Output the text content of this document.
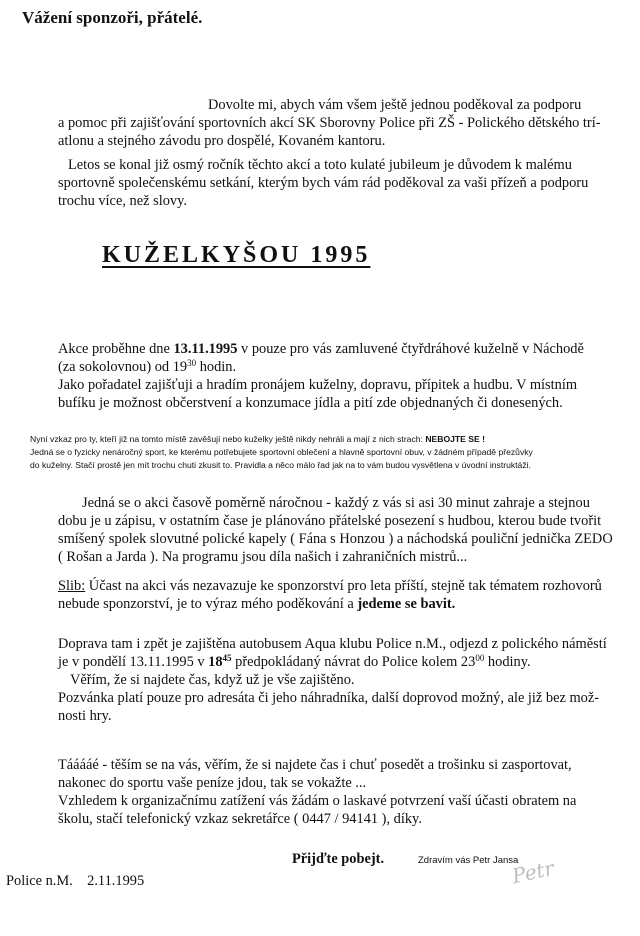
Vážení sponzoři, přátelé.
Dovolte mi, abych vám všem ještě jednou poděkoval za podporu
a pomoc při zajišťování sportovních akcí SK Sborovny Police při ZŠ - Polického dětského trí-
atlonu a stejného závodu pro dospělé, Kovaném kantoru.
Letos se konal již osmý ročník těchto akcí a toto kulaté jubileum je důvodem k malému
sportovně společenskému setkání, kterým bych vám rád poděkoval za vaši přízeň a podporu
trochu více, než slovy.
KUŽELKYŠOU 1995
Akce proběhne dne 13.11.1995 v pouze pro vás zamluvené čtyřdráhové kuželně v Náchodě
(za sokolovnou) od $19^{30}$ hodin.
Jako pořadatel zajišťuji a hradím pronájem kuželny, dopravu, přípitek a hudbu. V místním
bufíku je možnost občerstvení a konzumace jídla a pití zde objednaných či donesených.
Nyní vzkaz pro ty, kteří již na tomto místě zavěšují nebo kuželky ještě nikdy nehráli a mají z nich strach: NEBOJTE SE !
Jedná se o fyzicky nenáročný sport, ke kterému potřebujete sportovní oblečení a hlavně sportovní obuv, v žádném případě přezůvky
do kuželny. Stačí prostě jen mít trochu chuti zkusit to. Pravidla a něco málo řad jak na to vám budou vysvětlena v úvodní instruktáži.
Jedná se o akci časově poměrně náročnou - každý z vás si asi 30 minut zahraje a stejnou
dobu je u zápisu, v ostatním čase je plánováno přátelské posezení s hudbou, kterou bude tvořit
smíšený spolek slovutné polické kapely ( Fána s Honzou ) a náchodská pouliční jednička ZEDO
( Rošan a Jarda ). Na programu jsou díla našich i zahraničních mistrů...
Slib: Účast na akci vás nezavazuje ke sponzorství pro leta příští, stejně tak tématem rozhovorů
nebude sponzorství, je to výraz mého poděkování a jedeme se bavit.
Doprava tam i zpět je zajištěna autobusem Aqua klubu Police n.M., odjezd z polického náměstí
je v pondělí 13.11.1995 v $18^{45}$ předpokládaný návrat do Police kolem $23^{00}$ hodiny.
Věřím, že si najdete čas, když už je vše zajištěno.
Pozvánka platí pouze pro adresáta či jeho náhradníka, další doprovod možný, ale již bez mož-
nosti hry.
Tááááé - těším se na vás, věřím, že si najdete čas i chuť posedět a trošinku si zasportovat,
nakonec do sportu vaše peníze jdou, tak se vokažte ...
Vzhledem k organizačnímu zatížení vás žádám o laskavé potvrzení vaší účasti obratem na
školu, stačí telefonický vzkaz sekretářce ( 0447 / 94141 ), díky.
Přijďte pobejt.	Zdravím vás Petr Jansa
Petr
Police n.M.    2.11.1995
